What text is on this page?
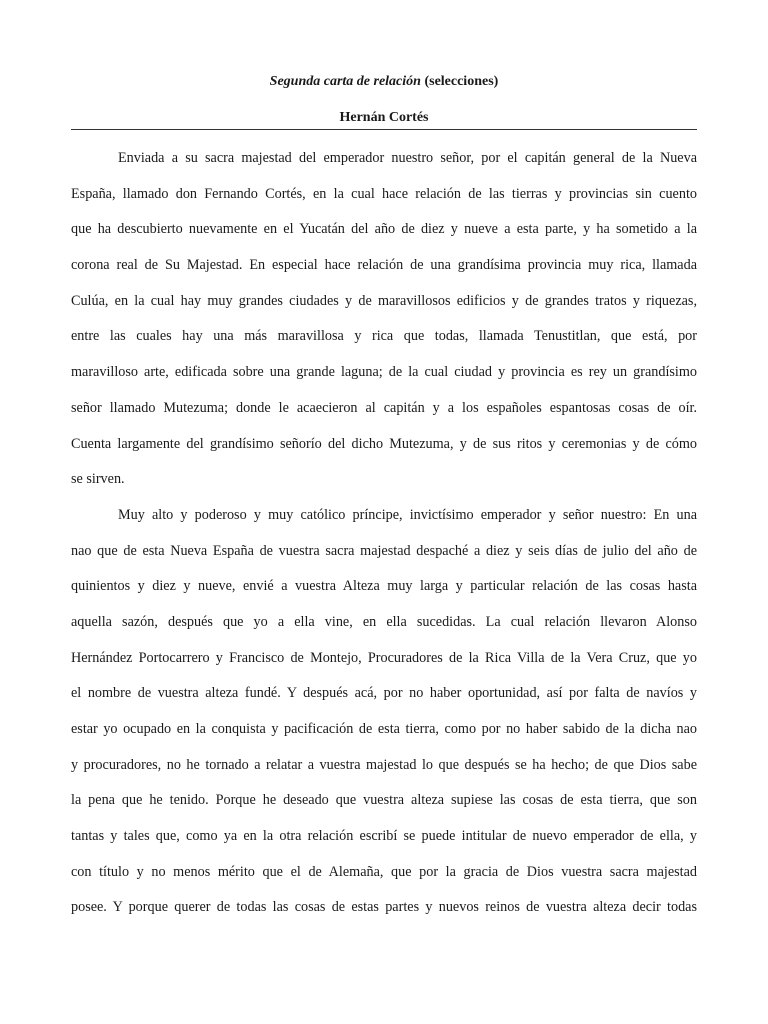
Segunda carta de relación (selecciones)
Hernán Cortés
Enviada a su sacra majestad del emperador nuestro señor, por el capitán general de la Nueva
España, llamado don Fernando Cortés, en la cual hace relación de las tierras y provincias sin cuento
que ha descubierto nuevamente en el Yucatán del año de diez y nueve a esta parte, y ha sometido a la
corona real de Su Majestad. En especial hace relación de una grandísima provincia muy rica, llamada
Culúa, en la cual hay muy grandes ciudades y de maravillosos edificios y de grandes tratos y riquezas,
entre las cuales hay una más maravillosa y rica que todas, llamada Tenustitlan, que está, por
maravilloso arte, edificada sobre una grande laguna; de la cual ciudad y provincia es rey un grandísimo
señor llamado Mutezuma; donde le acaecieron al capitán y a los españoles espantosas cosas de oír.
Cuenta largamente del grandísimo señorío del dicho Mutezuma, y de sus ritos y ceremonias y de cómo
se sirven.
Muy alto y poderoso y muy católico príncipe, invictísimo emperador y señor nuestro: En una
nao que de esta Nueva España de vuestra sacra majestad despaché a diez y seis días de julio del año de
quinientos y diez y nueve, envié a vuestra Alteza muy larga y particular relación de las cosas hasta
aquella sazón, después que yo a ella vine, en ella sucedidas. La cual relación llevaron Alonso
Hernández Portocarrero y Francisco de Montejo, Procuradores de la Rica Villa de la Vera Cruz, que yo
el nombre de vuestra alteza fundé. Y después acá, por no haber oportunidad, así por falta de navíos y
estar yo ocupado en la conquista y pacificación de esta tierra, como por no haber sabido de la dicha nao
y procuradores, no he tornado a relatar a vuestra majestad lo que después se ha hecho; de que Dios sabe
la pena que he tenido. Porque he deseado que vuestra alteza supiese las cosas de esta tierra, que son
tantas y tales que, como ya en la otra relación escribí se puede intitular de nuevo emperador de ella, y
con título y no menos mérito que el de Alemaña, que por la gracia de Dios vuestra sacra majestad
posee. Y porque querer de todas las cosas de estas partes y nuevos reinos de vuestra alteza decir todas
